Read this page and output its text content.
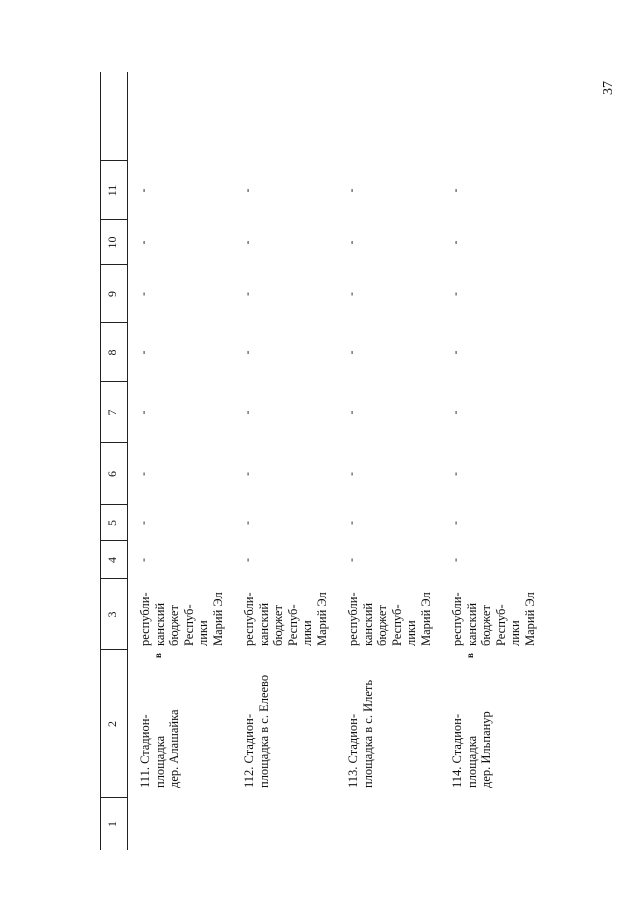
37
1
2
3
4
5
6
7
8
9
10
11
111. Стадион-
площадка
дер. Алашайка
в
республи-
канский
бюджет
Респуб-
лики
Марий Эл
-
-
-
-
-
-
-
-
112. Стадион-
площадка в с. Елеево
республи-
канский
бюджет
Респуб-
лики
Марий Эл
-
-
-
-
-
-
-
-
113. Стадион-
площадка в с. Илеть
республи-
канский
бюджет
Респуб-
лики
Марий Эл
-
-
-
-
-
-
-
-
114. Стадион-
площадка
дер. Ильпанур
в
республи-
канский
бюджет
Респуб-
лики
Марий Эл
-
-
-
-
-
-
-
-
